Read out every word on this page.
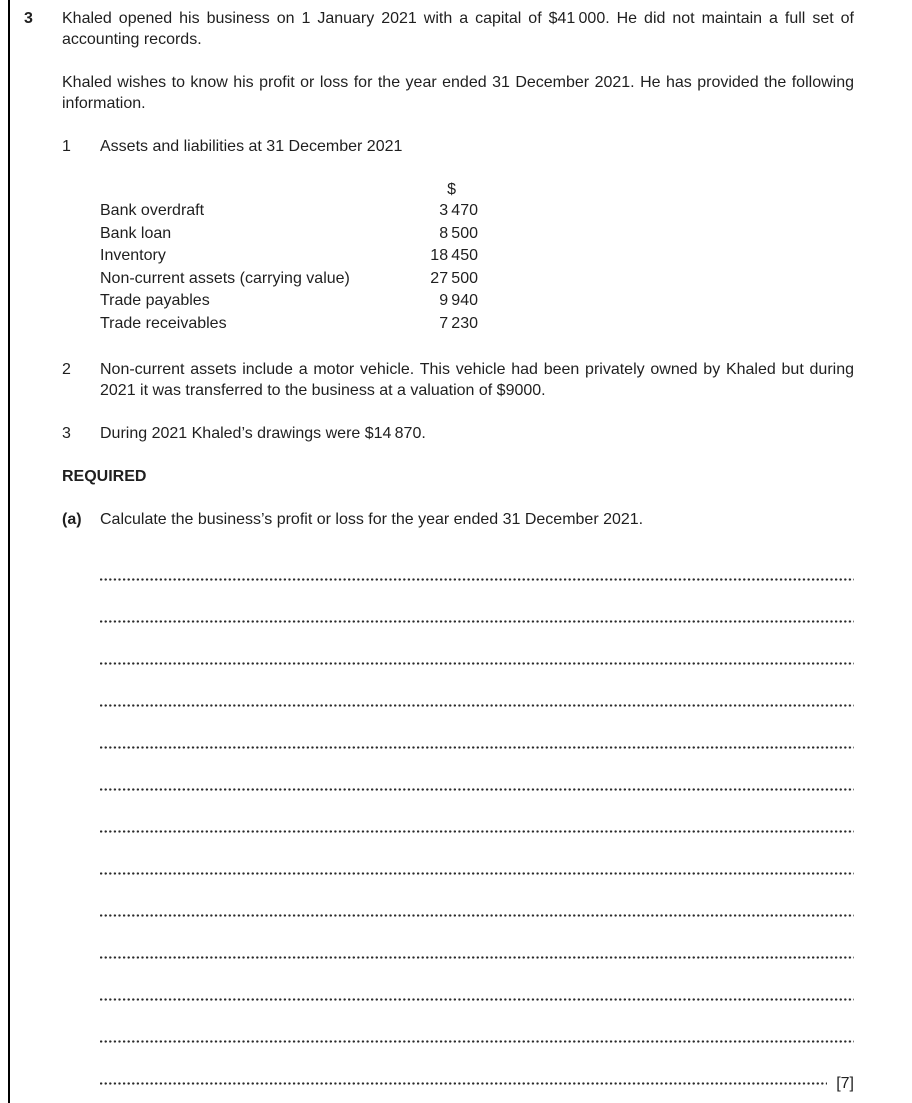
3	Khaled opened his business on 1 January 2021 with a capital of $41 000. He did not maintain a full set of accounting records.
Khaled wishes to know his profit or loss for the year ended 31 December 2021. He has provided the following information.
1	Assets and liabilities at 31 December 2021
$
Bank overdraft	3 470
Bank loan	8 500
Inventory	18 450
Non-current assets (carrying value)	27 500
Trade payables	9 940
Trade receivables	7 230
2	Non-current assets include a motor vehicle. This vehicle had been privately owned by Khaled but during 2021 it was transferred to the business at a valuation of $9000.
3	During 2021 Khaled’s drawings were $14 870.
REQUIRED
(a)	Calculate the business’s profit or loss for the year ended 31 December 2021.
[7]
